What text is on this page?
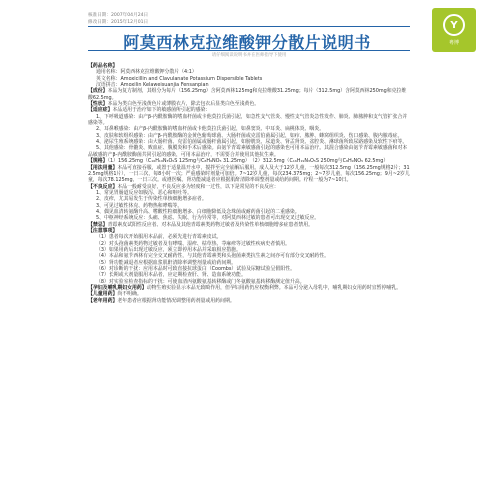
核准日期：2007年04月24日
修改日期：2015年12月01日	Y
粤博
阿莫西林克拉维酸钾分散片说明书
请仔细阅读说明书并在医师指导下使用

【药品名称】

通用名称：阿莫西林克拉维酸钾分散片（4:1）

英文名称：Amoxicillin and Clavulanate Potassium Dispersible Tablets

汉语拼音：Amoxilin Kelaweisuanjia Fensanpian

【成份】本品为复方制剂，其组分为每片（156.25mg）含阿莫西林125mg和克拉维酸31.25mg；每片（312.5mg）含阿莫西林250mg和克拉维酸62.5mg。

【性状】本品为类白色至浅黄色片或薄膜衣片，除去包衣后显类白色至浅黄色。

【适应症】本品适用于治疗如下的敏感菌所引起的感染：

1、下呼吸道感染：由产β-内酰胺酶的嗜血杆菌或卡他莫拉氏菌引起，如急性支气管炎、慢性支气管炎急性发作、肺炎、肺脓肿和支气管扩张合并感染等。

2、耳鼻喉感染：由产β-内酰胺酶的嗜血杆菌或卡他莫拉氏菌引起，如鼻窦炎、中耳炎、扁桃体炎、咽炎。

3、皮肤和软组织感染：由产β-内酰胺酶的金黄色葡萄球菌、大肠杆菌或克雷伯菌属引起，如疖、脓肿、蜂窝组织炎、伤口感染、腹内脓毒症。

4、泌尿生殖系统感染：由大肠杆菌、克雷伯菌属或肠杆菌属引起，如膀胱炎、尿道炎、肾盂肾炎、盆腔炎、淋球菌所致尿路感染及软性下疳等。

5、其他感染：骨髓炎、败血症、腹膜炎和手术后感染。由氨苄青霉素敏感菌引起的感染也可用本品治疗。其混合感染由氨苄青霉素敏感菌和对本品敏感的产β-内酰胺酶菌共同引起的感染，可用本品治疗，不需要合并使用其他抗生素。

【规格】（1）156.25mg（C₁₆H₁₉N₃O₅S 125mg与C₈H₉NO₅ 31.25mg）　（2）312.5mg（C₁₆H₁₉N₃O₅S 250mg与C₈H₉NO₅ 62.5mg）

【用法用量】本品可直接吞服，或置于适量温开水中，搅拌至完全崩解后服用。成人及大于12岁儿童，一般每次312.5mg（156.25mg规格2片；312.5mg规格1片），一日三次，每8小时一次；严重感染时剂量可加倍。7~12岁儿童，每次234.375mg；2~7岁儿童，每次156.25mg；9月~2岁儿童，每次78.125mg，一日三次。或遵医嘱。肾功能减退者应根据肌酐清除率调整剂量或给药间期。疗程一般为7~10日。

【不良反应】本品一般耐受良好，不良反应多为轻度和一过性，以下是常见的不良反应：

1、常见胃肠道反应如腹泻、恶心和呕吐等。

2、皮疹，尤其易发生于传染性单核细胞增多症者。

3、可见过敏性休克、药物热和哮喘等。

4、偶见血清转氨酶升高、嗜酸性粒细胞增多、白细胞降低及念珠菌或耐药菌引起的二重感染。

5、中枢神经系统反应：头痛、焦虑、失眠、行为异常等，对阿莫西林过敏的患者可出现交叉过敏反应。

【禁忌】青霉素皮试阳性反应者、对本品及其他青霉素类药物过敏者及传染性单核细胞增多症患者禁用。

【注意事项】

（1）患者每次开始服用本品前，必须先进行青霉素皮试。

（2）对头孢菌素类药物过敏者及有哮喘、湿疹、枯草热、荨麻疹等过敏性疾病史者慎用。

（3）如果用药后出现过敏反应，须立即停用本品并采取相应措施。

（4）本品和氨苄西林有完全交叉耐药性，与其他青霉素类和头孢菌素类抗生素之间亦可有部分交叉耐药性。

（5）肾功能减退者应根据血浆肌酐清除率调整剂量或给药间期。

（6）对诊断的干扰：应用本品时可致直接抗球蛋白（Coombs）试验及尿糖试验呈假阳性。

（7）长期或大剂量服用本品者，应定期检查肝、肾、造血系统功能。

（8）对实验室检查指标的干扰：可使血清丙氨酸氨基转移酶或门冬氨酸氨基转移酶测定值升高。

【孕妇及哺乳期妇女用药】动物生殖实验显示本品无致畸作用，但孕妇用药仍应权衡利弊。本品可分泌入母乳中，哺乳期妇女用药时宜暂停哺乳。

【儿童用药】尚不明确。

【老年用药】老年患者应根据肾功能情况调整用药剂量或用药间期。
